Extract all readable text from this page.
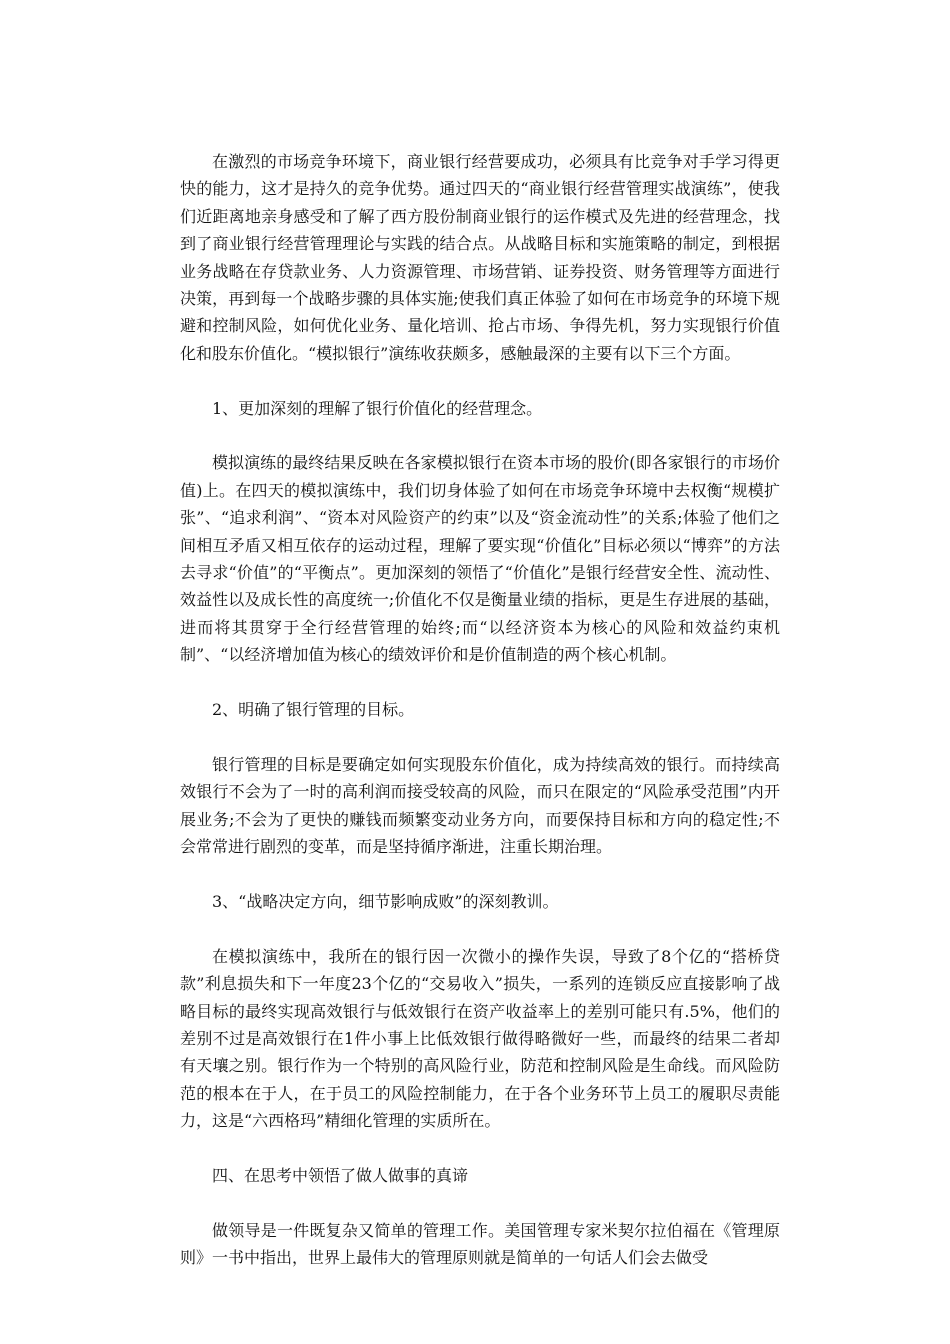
在激烈的市场竞争环境下，商业银行经营要成功，必须具有比竞争对手学习得更快的能力，这才是持久的竞争优势。通过四天的“商业银行经营管理实战演练”，使我们近距离地亲身感受和了解了西方股份制商业银行的运作模式及先进的经营理念，找到了商业银行经营管理理论与实践的结合点。从战略目标和实施策略的制定，到根据业务战略在存贷款业务、人力资源管理、市场营销、证券投资、财务管理等方面进行决策，再到每一个战略步骤的具体实施;使我们真正体验了如何在市场竞争的环境下规避和控制风险，如何优化业务、量化培训、抢占市场、争得先机，努力实现银行价值化和股东价值化。“模拟银行”演练收获颇多，感触最深的主要有以下三个方面。

1、更加深刻的理解了银行价值化的经营理念。

模拟演练的最终结果反映在各家模拟银行在资本市场的股价(即各家银行的市场价值)上。在四天的模拟演练中，我们切身体验了如何在市场竞争环境中去权衡“规模扩张”、“追求利润”、“资本对风险资产的约束”以及“资金流动性”的关系;体验了他们之间相互矛盾又相互依存的运动过程，理解了要实现“价值化”目标必须以“博弈”的方法去寻求“价值”的“平衡点”。更加深刻的领悟了“价值化”是银行经营安全性、流动性、效益性以及成长性的高度统一;价值化不仅是衡量业绩的指标，更是生存进展的基础，进而将其贯穿于全行经营管理的始终;而“以经济资本为核心的风险和效益约束机制”、“以经济增加值为核心的绩效评价和是价值制造的两个核心机制。

2、明确了银行管理的目标。

银行管理的目标是要确定如何实现股东价值化，成为持续高效的银行。而持续高效银行不会为了一时的高利润而接受较高的风险，而只在限定的“风险承受范围”内开展业务;不会为了更快的赚钱而频繁变动业务方向，而要保持目标和方向的稳定性;不会常常进行剧烈的变革，而是坚持循序渐进，注重长期治理。

3、“战略决定方向，细节影响成败”的深刻教训。

在模拟演练中，我所在的银行因一次微小的操作失误，导致了8个亿的“搭桥贷款”利息损失和下一年度23个亿的“交易收入”损失，一系列的连锁反应直接影响了战略目标的最终实现高效银行与低效银行在资产收益率上的差别可能只有.5%，他们的差别不过是高效银行在1件小事上比低效银行做得略微好一些，而最终的结果二者却有天壤之别。银行作为一个特别的高风险行业，防范和控制风险是生命线。而风险防范的根本在于人，在于员工的风险控制能力，在于各个业务环节上员工的履职尽责能力，这是“六西格玛”精细化管理的实质所在。

四、在思考中领悟了做人做事的真谛

做领导是一件既复杂又简单的管理工作。美国管理专家米契尔拉伯福在《管理原则》一书中指出，世界上最伟大的管理原则就是简单的一句话人们会去做受
